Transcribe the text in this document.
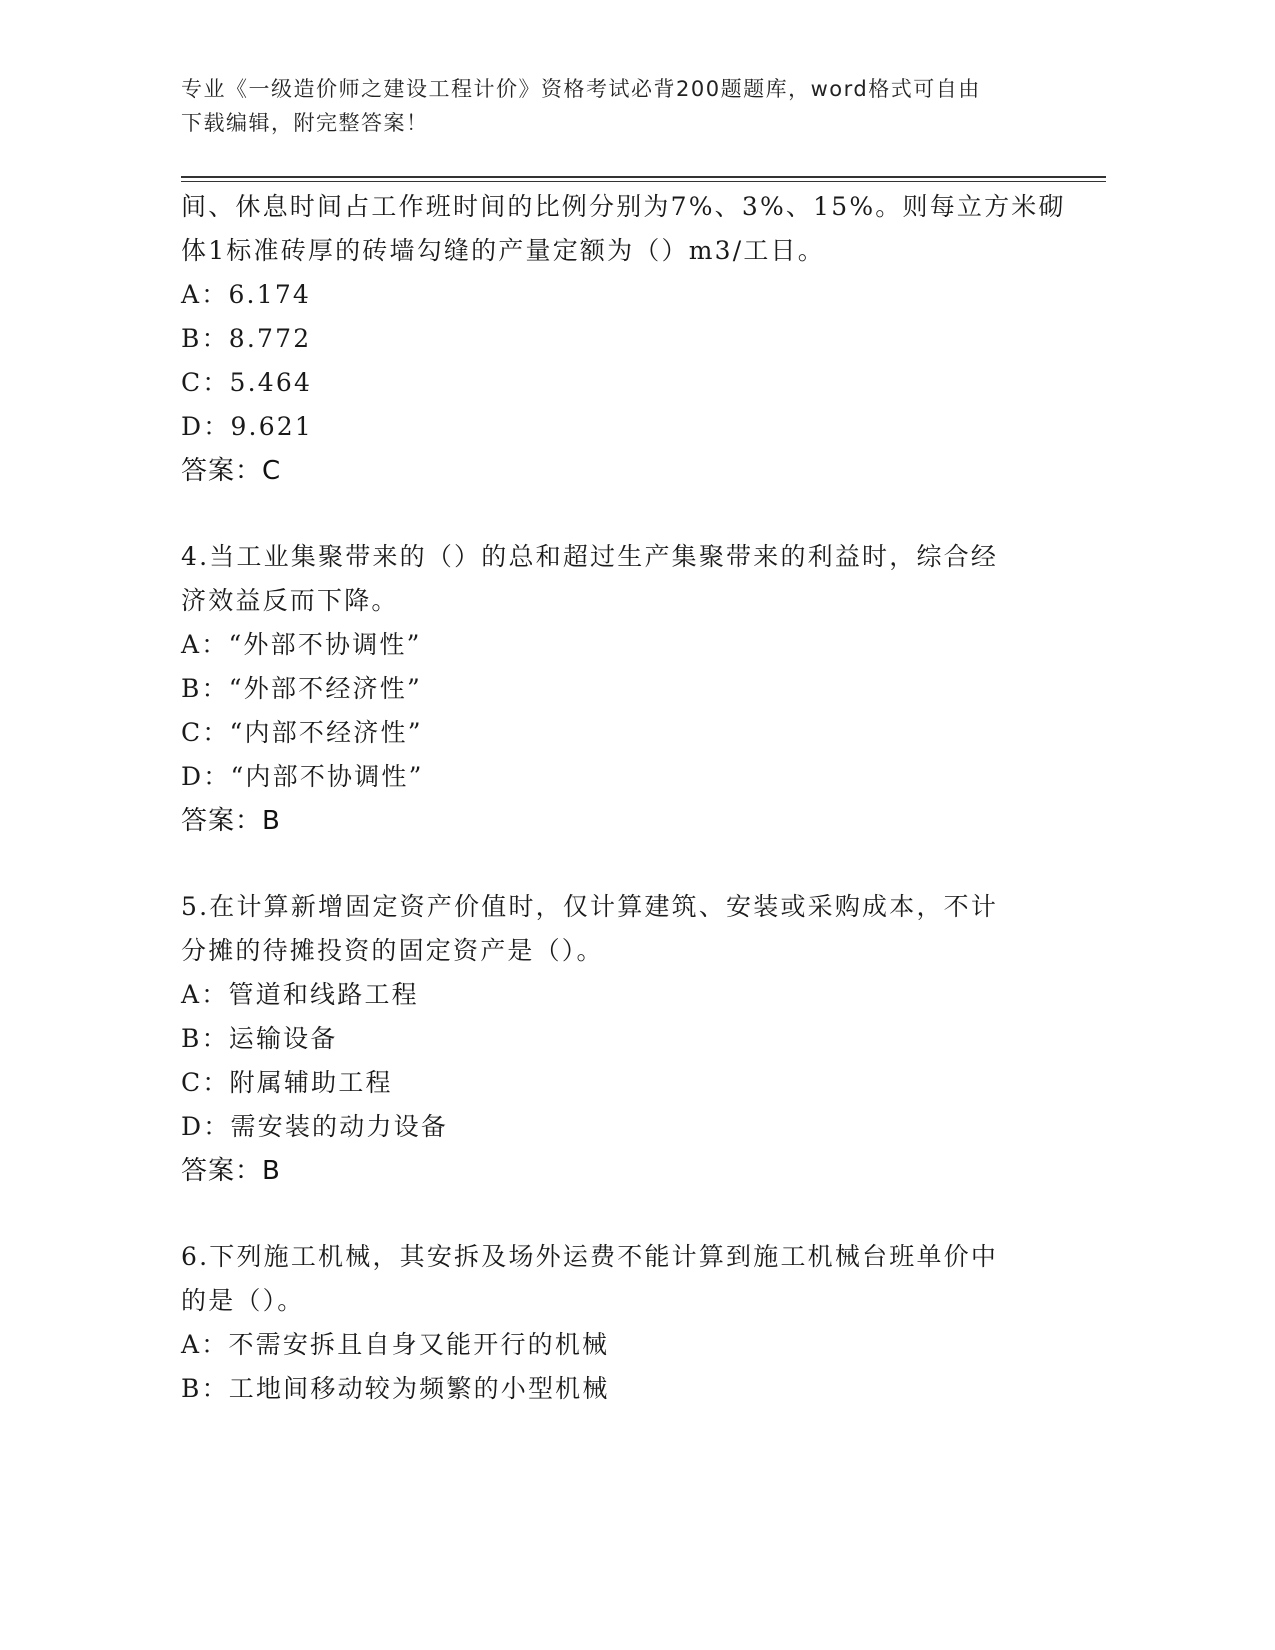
专业《一级造价师之建设工程计价》资格考试必背200题题库，word格式可自由
下载编辑，附完整答案！
间、休息时间占工作班时间的比例分别为7%、3%、15%。则每立方米砌
体1标准砖厚的砖墙勾缝的产量定额为（）m3/工日。
A：6.174
B：8.772
C：5.464
D：9.621
答案：C
4.当工业集聚带来的（）的总和超过生产集聚带来的利益时，综合经
济效益反而下降。
A：“外部不协调性”
B：“外部不经济性”
C：“内部不经济性”
D：“内部不协调性”
答案：B
5.在计算新增固定资产价值时，仅计算建筑、安装或采购成本，不计
分摊的待摊投资的固定资产是（）。
A：管道和线路工程
B：运输设备
C：附属辅助工程
D：需安装的动力设备
答案：B
6.下列施工机械，其安拆及场外运费不能计算到施工机械台班单价中
的是（）。
A：不需安拆且自身又能开行的机械
B：工地间移动较为频繁的小型机械
